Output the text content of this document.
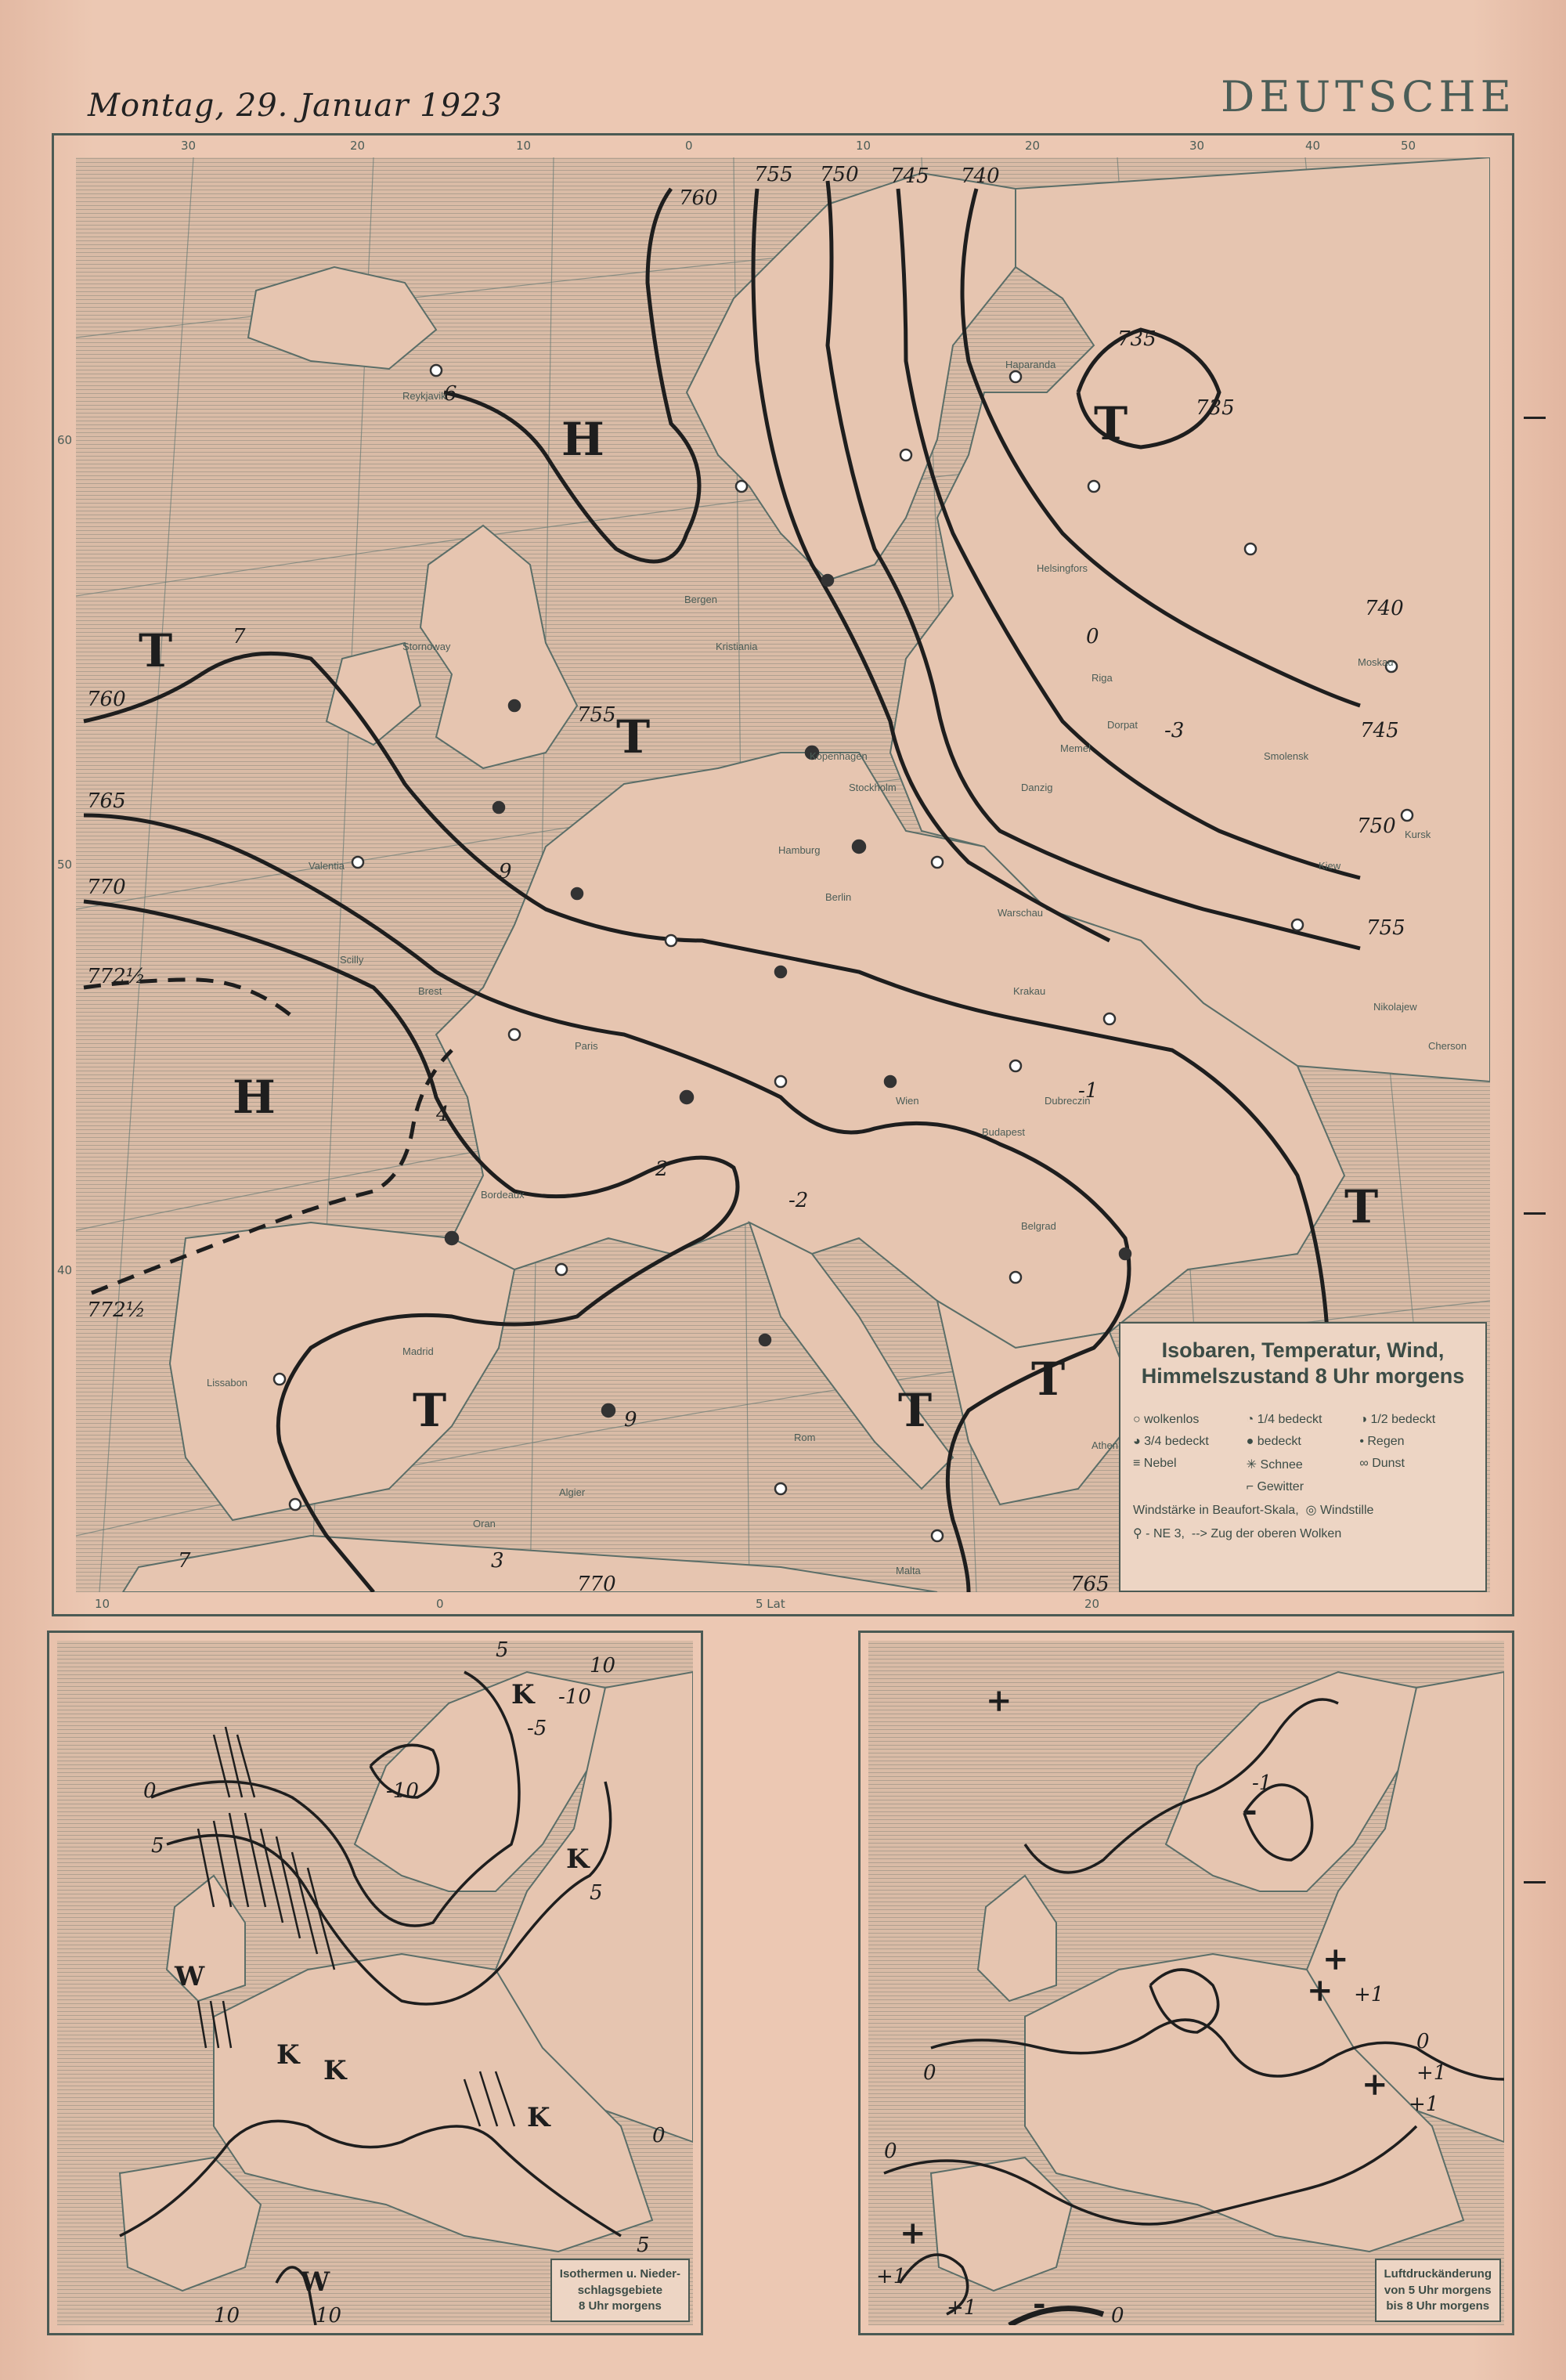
Montag, 29. Januar 1923	DEUTSCHE
760
755 750 745 740
735
735
740
745
750
755
760
765
770
772½
772½
765
770
755
H
H
T
T
T
T
T
T
T
7
6
0
-3
9
4
2
-2
-1
9
7	3
30	20	10	0	10	20	30	40	50
10	0	5 Lat	20
60
50
40
Isobaren, Temperatur, Wind,
Himmelszustand 8 Uhr morgens
○ wolkenlos	◔ 1/4 bedeckt	◑ 1/2 bedeckt
◕ 3/4 bedeckt	● bedeckt	• Regen
≡ Nebel	✳ Schnee	∞ Dunst
⌐ Gewitter
Windstärke in Beaufort-Skala,  ◎ Windstille
⚲ - NE 3,  --> Zug der oberen Wolken
5
0
-5
-10
-10
10
5
0
5
10
5
10
K
K
K
W
K K
W	Isothermen u. Nieder-
schlagsgebiete
8 Uhr morgens
0
-1
+1
+1
0
+1
+1
0
0
+1
+
-
+
+
+
-
+
Luftdruckänderung
von 5 Uhr morgens
bis 8 Uhr morgens
Reykjavik
Bergen
Kristiania
Stockholm
Haparanda
Helsingfors
Riga
Memel
Danzig
Berlin
Hamburg
Paris
Brest
Bordeaux
Madrid
Lissabon
Rom
Wien
Krakau
Warschau
Kiew
Moskau
Kursk
Smolensk
Dorpat
Kopenhagen
Valentia
Stornoway
Scilly
Algier
Oran
Malta
Athen
Belgrad
Budapest
Dubreczin
Cherson
Nikolajew
